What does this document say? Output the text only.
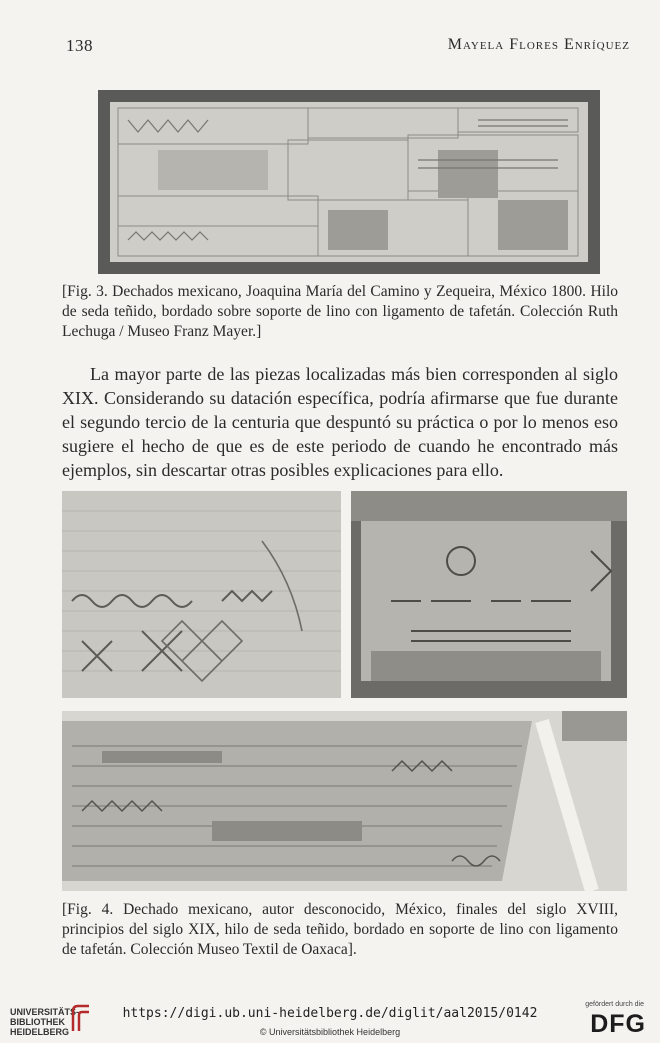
138	Mayela Flores Enríquez
[Fig. 3. Dechados mexicano, Joaquina María del Camino y Zequeira, México 1800. Hilo de seda teñido, bordado sobre soporte de lino con ligamento de tafetán. Colección Ruth Lechuga / Museo Franz Mayer.]

La mayor parte de las piezas localizadas más bien corresponden al siglo XIX. Considerando su datación específica, podría afirmarse que fue durante el segundo tercio de la centuria que despuntó su práctica o por lo menos eso sugiere el hecho de que es de este periodo de cuando he encontrado más ejemplos, sin descartar otras posibles explicaciones para ello.

[Fig. 4. Dechado mexicano, autor desconocido, México, finales del siglo XVIII, principios del siglo XIX, hilo de seda teñido, bordado en soporte de lino con ligamento de tafetán. Colección Museo Textil de Oaxaca].
UNIVERSITÄTS-
BIBLIOTHEK
HEIDELBERG
https://digi.ub.uni-heidelberg.de/diglit/aal2015/0142
© Universitätsbibliothek Heidelberg
gefördert durch die
DFG
